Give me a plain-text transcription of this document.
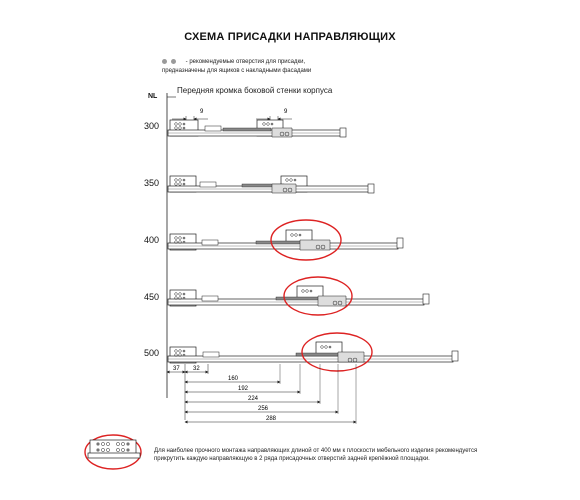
СХЕМА ПРИСАДКИ НАПРАВЛЯЮЩИХ
- рекомендуемые отверстия для присадки,
предназначены для ящиков с накладными фасадами
NL
Передняя кромка боковой стенки корпуса
300
350
400
450
500
9	9
37 32
160
192
224
256
288
Для наиболее прочного монтажа направляющих длиной от 400 мм к плоскости мебельного изделия рекомендуется
прикрутить каждую направляющую в 2 ряда присадочных отверстий задней крепёжной площадки.
